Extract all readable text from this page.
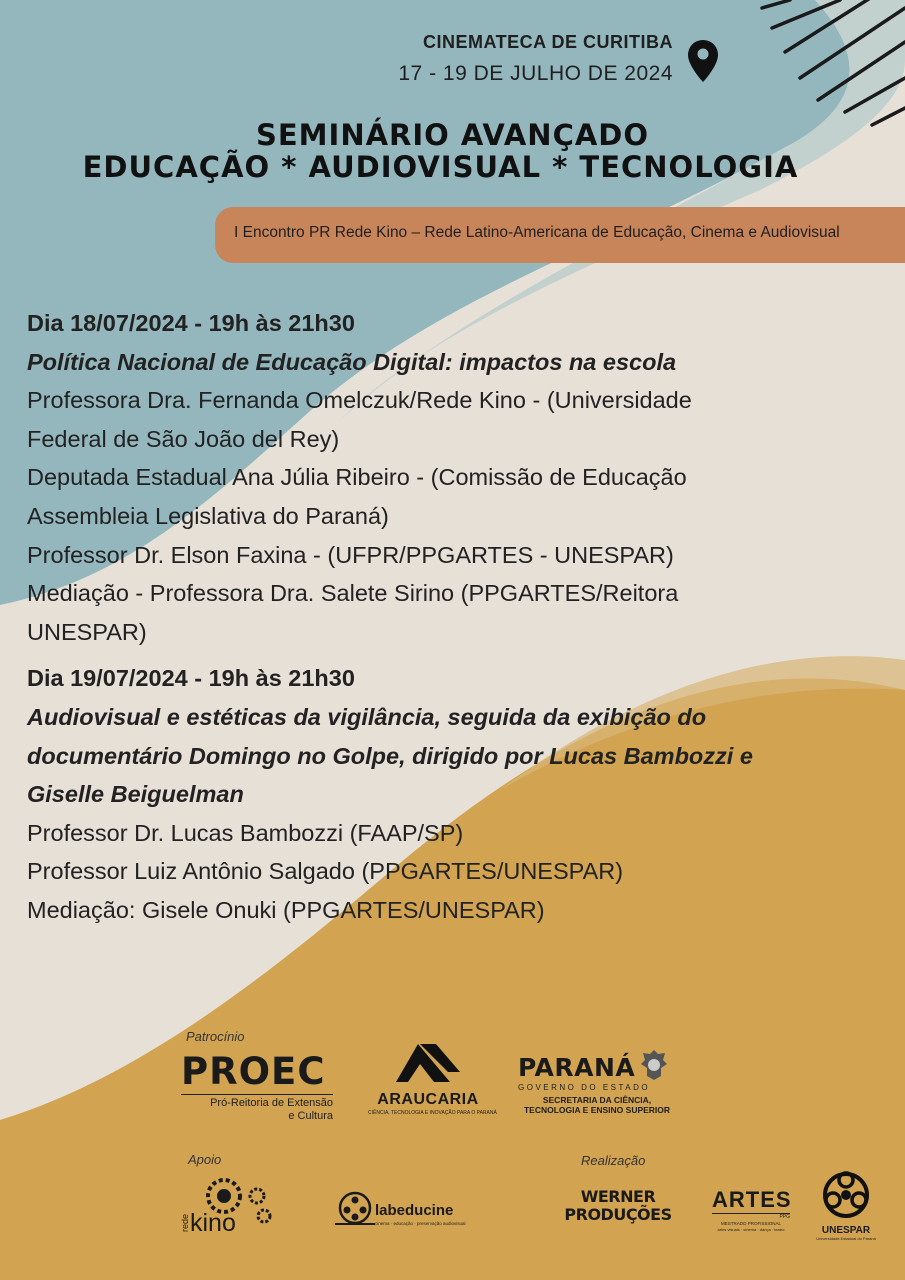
CINEMATECA DE CURITIBA
17 - 19 DE JULHO DE 2024
SEMINÁRIO AVANÇADO
EDUCAÇÃO * AUDIOVISUAL * TECNOLOGIA
I Encontro PR Rede Kino – Rede Latino-Americana de Educação, Cinema e Audiovisual

Dia 18/07/2024 - 19h às 21h30

Política Nacional de Educação Digital: impactos na escola

Professora Dra. Fernanda Omelczuk/Rede Kino - (Universidade

Federal de São João del Rey)

Deputada Estadual Ana Júlia Ribeiro - (Comissão de Educação

Assembleia Legislativa do Paraná)

Professor Dr. Elson Faxina - (UFPR/PPGARTES - UNESPAR)

Mediação - Professora Dra. Salete Sirino (PPGARTES/Reitora

UNESPAR)

Dia 19/07/2024 - 19h às 21h30

Audiovisual e estéticas da vigilância, seguida da exibição do

documentário Domingo no Golpe, dirigido por Lucas Bambozzi e

Giselle Beiguelman

Professor Dr. Lucas Bambozzi (FAAP/SP)

Professor Luiz Antônio Salgado (PPGARTES/UNESPAR)

Mediação: Gisele Onuki (PPGARTES/UNESPAR)

Patrocínio
PROEC
Pró-Reitoria de Extensão
e Cultura
ARAUCARIA
CIÊNCIA, TECNOLOGIA E INOVAÇÃO PARA O PARANÁ
PARANÁ
GOVERNO DO ESTADO
SECRETARIA DA CIÊNCIA,
TECNOLOGIA E ENSINO SUPERIOR
Apoio	Realização
rede kino	labeducine
cinema · educação · preservação audiovisual
WERNER
PRODUÇÕES
ARTES
PPG
MESTRADO PROFISSIONAL
artes visuais · cinema · dança · teatro	UNESPAR
Universidade Estadual do Paraná
